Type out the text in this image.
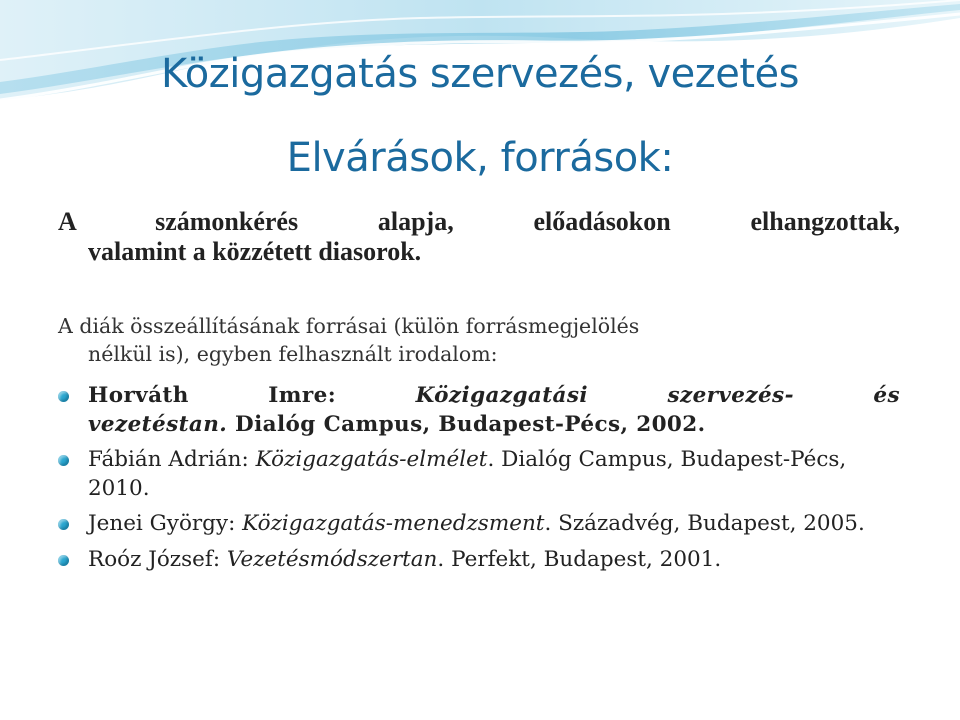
Közigazgatás szervezés, vezetés
Elvárások, források:
A számonkérés alapja, előadásokon elhangzottak,
valamint a közzétett diasorok.
A diák összeállításának forrásai (külön forrásmegjelölés
nélkül is), egyben felhasznált irodalom:
Horváth Imre: Közigazgatási szervezés- és
vezetéstan. Dialóg Campus, Budapest-Pécs, 2002.
Fábián Adrián: Közigazgatás-elmélet. Dialóg Campus, Budapest-Pécs, 2010.
Jenei György: Közigazgatás-menedzsment. Századvég, Budapest, 2005.
Roóz József: Vezetésmódszertan. Perfekt, Budapest, 2001.
